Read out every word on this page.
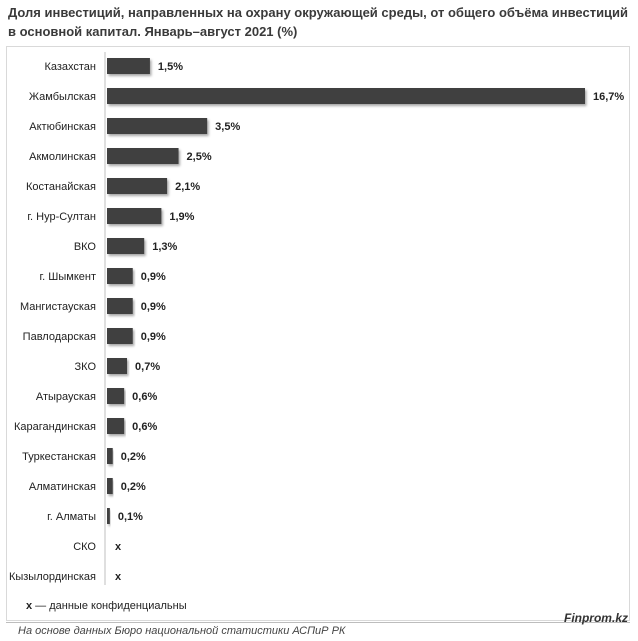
Доля инвестиций, направленных на охрану окружающей среды, от общего объёма инвестиций в основной капитал. Январь–август 2021 (%)
Казахстан	1,5%
Жамбылская	16,7%
Актюбинская	3,5%
Акмолинская	2,5%
Костанайская	2,1%
г. Нур-Султан	1,9%
ВКО	1,3%
г. Шымкент	0,9%
Мангистауская	0,9%
Павлодарская	0,9%
ЗКО	0,7%
Атырауская	0,6%
Карагандинская	0,6%
Туркестанская 0,2%
Алматинская 0,2%
г. Алматы 0,1%
СКО x
Кызылординская x
x — данные конфиденциальны
На основе данных Бюро национальной статистики АСПиР РК
Finprom.kz
